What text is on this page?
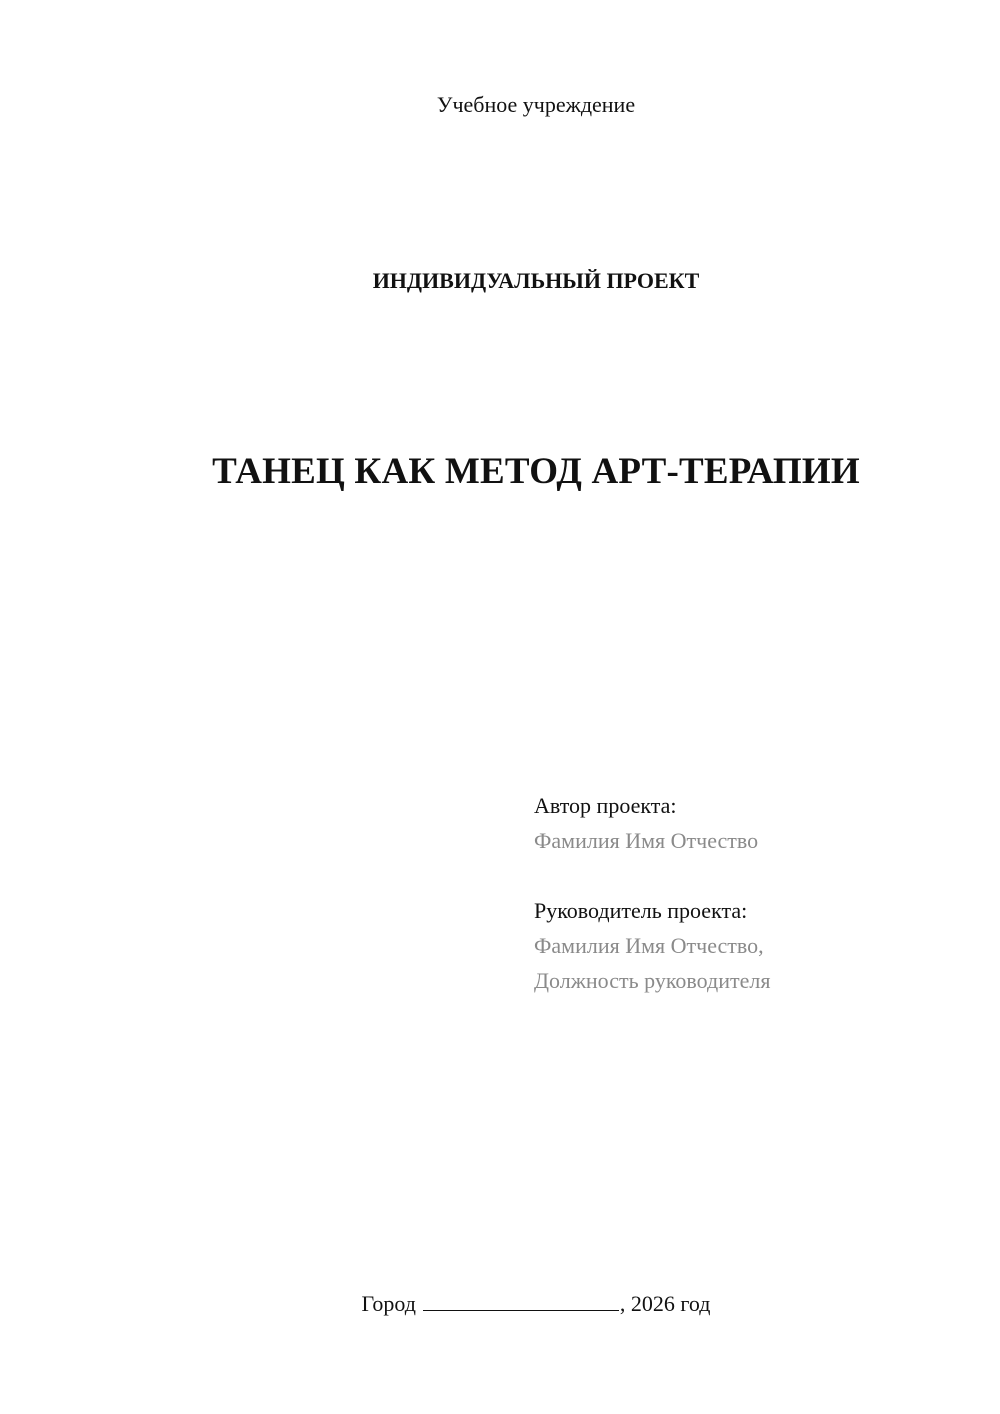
Учебное учреждение
ИНДИВИДУАЛЬНЫЙ ПРОЕКТ
ТАНЕЦ КАК МЕТОД АРТ-ТЕРАПИИ
Автор проекта:
Фамилия Имя Отчество
Руководитель проекта:
Фамилия Имя Отчество,
Должность руководителя
Город	, 2026 год
